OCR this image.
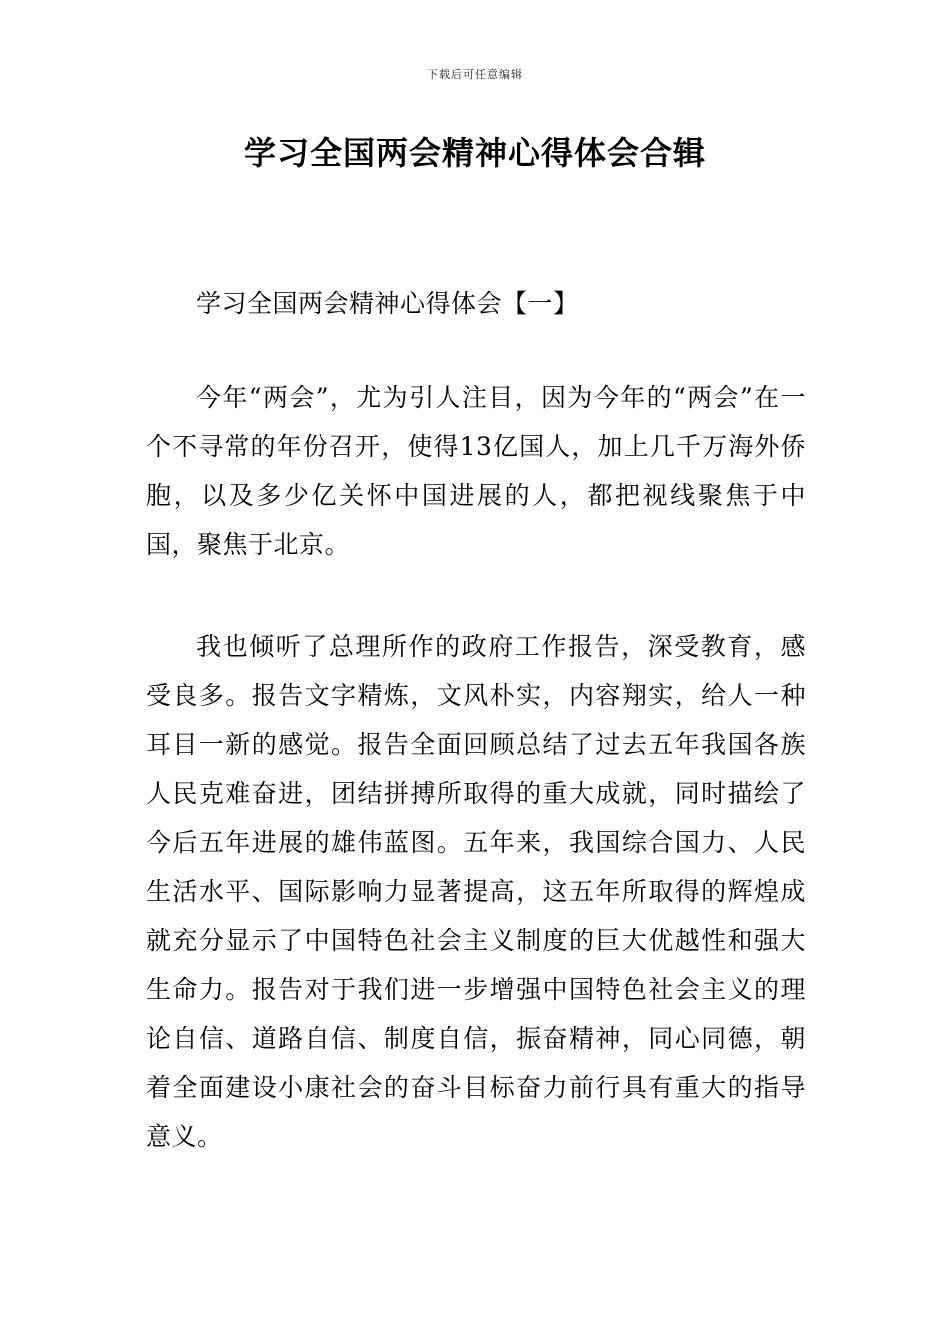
下载后可任意编辑
学习全国两会精神心得体会合辑
学习全国两会精神心得体会【一】

今年“两会”，尤为引人注目，因为今年的“两会”在一个不寻常的年份召开，使得13亿国人，加上几千万海外侨胞，以及多少亿关怀中国进展的人，都把视线聚焦于中国，聚焦于北京。

我也倾听了总理所作的政府工作报告，深受教育，感受良多。报告文字精炼，文风朴实，内容翔实，给人一种耳目一新的感觉。报告全面回顾总结了过去五年我国各族人民克难奋进，团结拼搏所取得的重大成就，同时描绘了今后五年进展的雄伟蓝图。五年来，我国综合国力、人民生活水平、国际影响力显著提高，这五年所取得的辉煌成就充分显示了中国特色社会主义制度的巨大优越性和强大生命力。报告对于我们进一步增强中国特色社会主义的理论自信、道路自信、制度自信，振奋精神，同心同德，朝着全面建设小康社会的奋斗目标奋力前行具有重大的指导意义。
